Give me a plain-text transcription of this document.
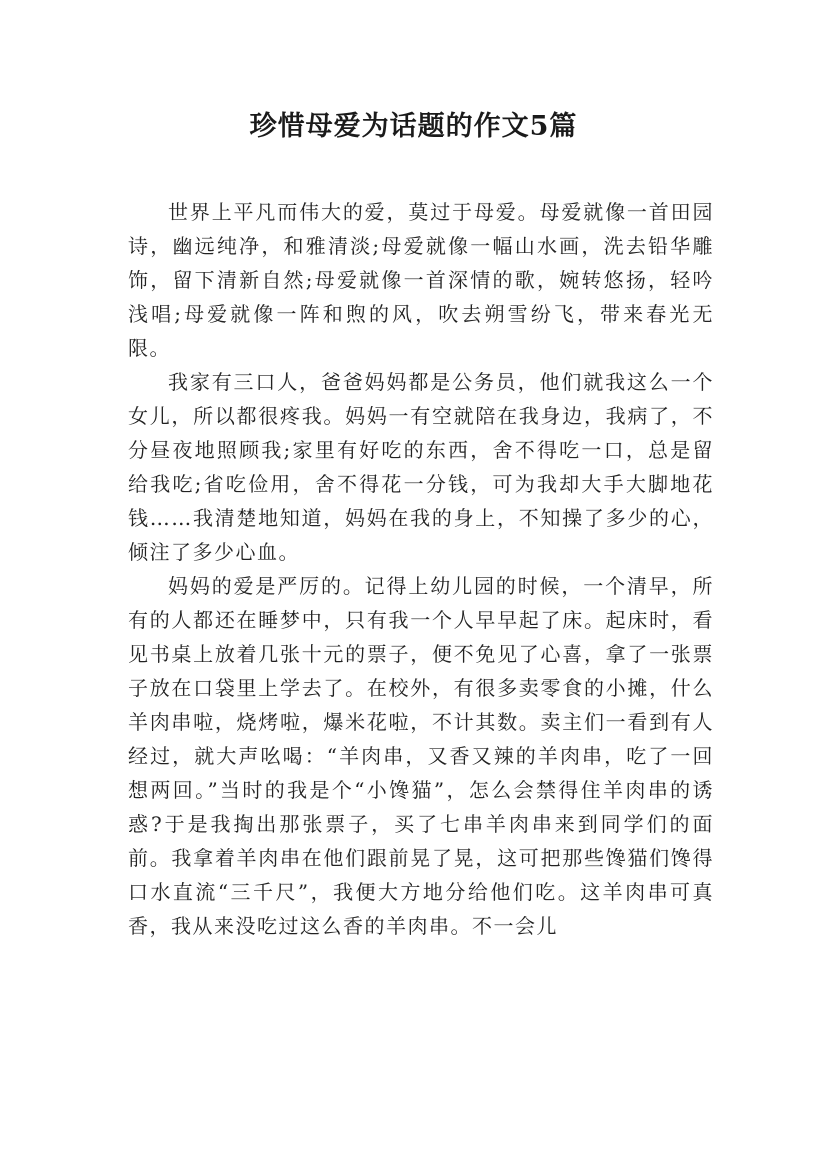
珍惜母爱为话题的作文5篇

世界上平凡而伟大的爱，莫过于母爱。母爱就像一首田园诗，幽远纯净，和雅清淡;母爱就像一幅山水画，洗去铅华雕饰，留下清新自然;母爱就像一首深情的歌，婉转悠扬，轻吟浅唱;母爱就像一阵和煦的风，吹去朔雪纷飞，带来春光无限。

我家有三口人，爸爸妈妈都是公务员，他们就我这么一个女儿，所以都很疼我。妈妈一有空就陪在我身边，我病了，不分昼夜地照顾我;家里有好吃的东西，舍不得吃一口，总是留给我吃;省吃俭用，舍不得花一分钱，可为我却大手大脚地花钱……我清楚地知道，妈妈在我的身上，不知操了多少的心，倾注了多少心血。

妈妈的爱是严厉的。记得上幼儿园的时候，一个清早，所有的人都还在睡梦中，只有我一个人早早起了床。起床时，看见书桌上放着几张十元的票子，便不免见了心喜，拿了一张票子放在口袋里上学去了。在校外，有很多卖零食的小摊，什么羊肉串啦，烧烤啦，爆米花啦，不计其数。卖主们一看到有人经过，就大声吆喝：“羊肉串，又香又辣的羊肉串，吃了一回想两回。”当时的我是个“小馋猫”，怎么会禁得住羊肉串的诱惑?于是我掏出那张票子，买了七串羊肉串来到同学们的面前。我拿着羊肉串在他们跟前晃了晃，这可把那些馋猫们馋得口水直流“三千尺”，我便大方地分给他们吃。这羊肉串可真香，我从来没吃过这么香的羊肉串。不一会儿
